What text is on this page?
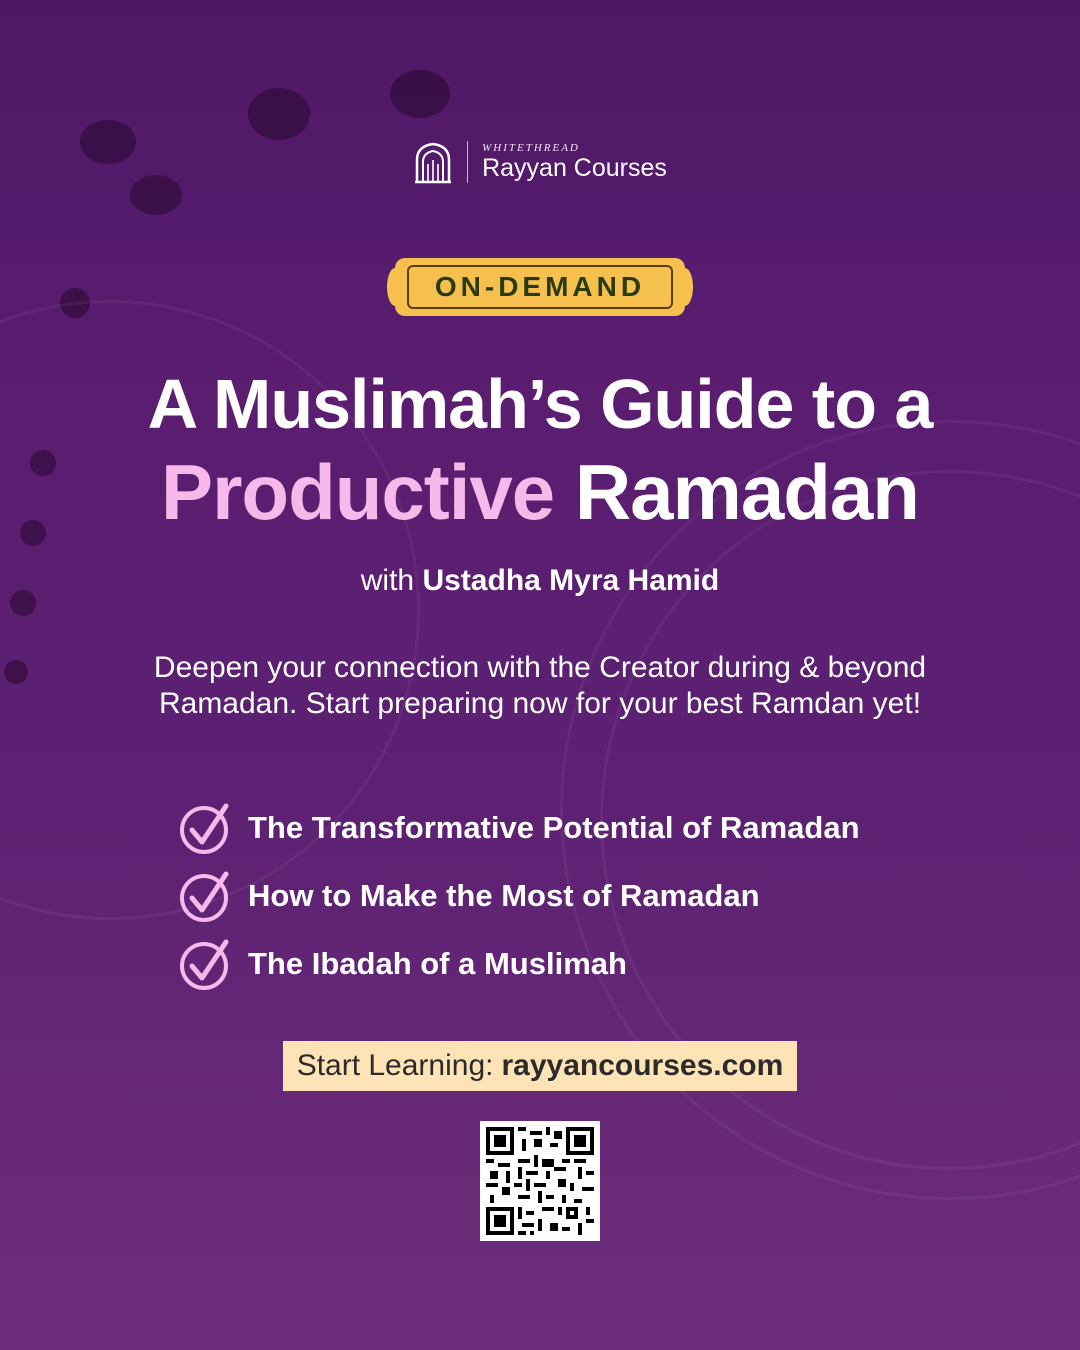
WHITETHREAD
Rayyan Courses
ON-DEMAND
A Muslimah’s Guide to a
Productive Ramadan
with Ustadha Myra Hamid

Deepen your connection with the Creator during & beyond Ramadan. Start preparing now for your best Ramdan yet!

The Transformative Potential of Ramadan
How to Make the Most of Ramadan
The Ibadah of a Muslimah
Start Learning: rayyancourses.com
